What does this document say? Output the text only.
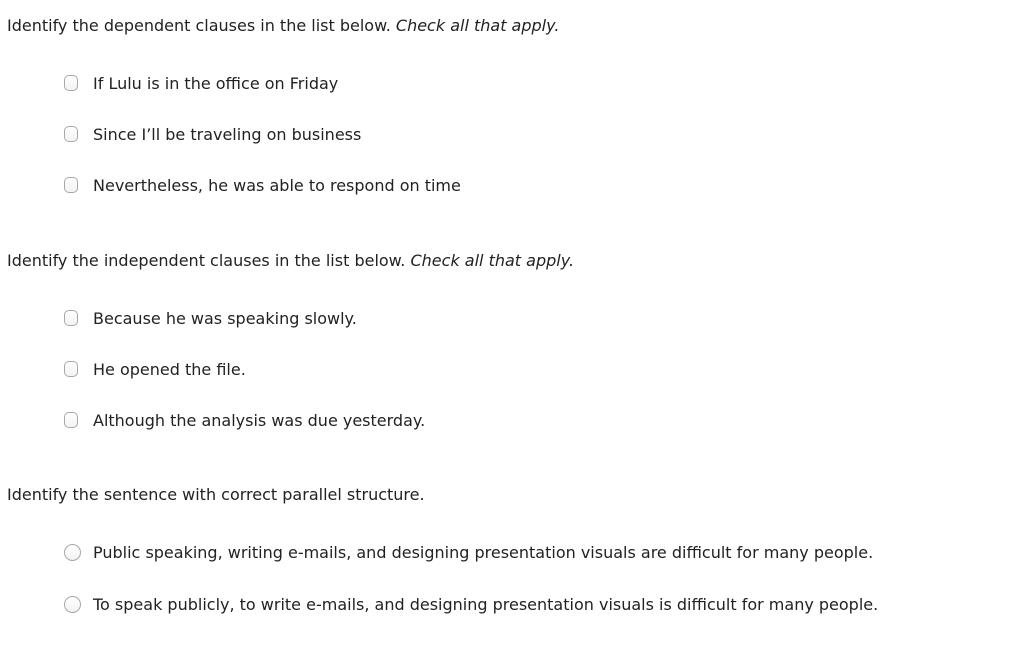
Identify the dependent clauses in the list below. Check all that apply.
If Lulu is in the office on Friday
Since I’ll be traveling on business
Nevertheless, he was able to respond on time
Identify the independent clauses in the list below. Check all that apply.
Because he was speaking slowly.
He opened the file.
Although the analysis was due yesterday.
Identify the sentence with correct parallel structure.
Public speaking, writing e-mails, and designing presentation visuals are difficult for many people.
To speak publicly, to write e-mails, and designing presentation visuals is difficult for many people.
